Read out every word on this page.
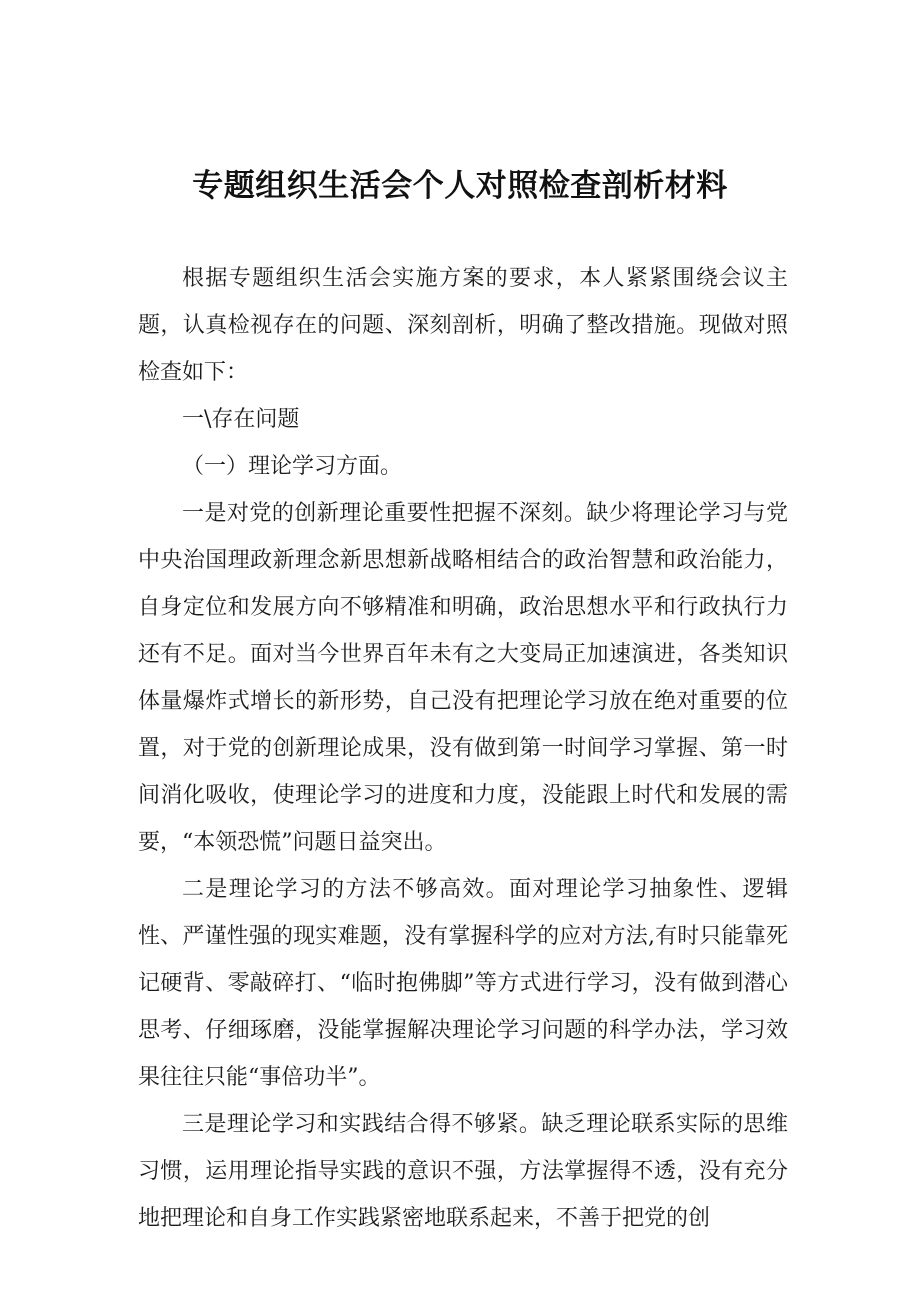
专题组织生活会个人对照检查剖析材料

根据专题组织生活会实施方案的要求，本人紧紧围绕会议主题，认真检视存在的问题、深刻剖析，明确了整改措施。现做对照检查如下：

一\存在问题

（一）理论学习方面。

一是对党的创新理论重要性把握不深刻。缺少将理论学习与党中央治国理政新理念新思想新战略相结合的政治智慧和政治能力，自身定位和发展方向不够精准和明确，政治思想水平和行政执行力还有不足。面对当今世界百年未有之大变局正加速演进，各类知识体量爆炸式增长的新形势，自己没有把理论学习放在绝对重要的位置，对于党的创新理论成果，没有做到第一时间学习掌握、第一时间消化吸收，使理论学习的进度和力度，没能跟上时代和发展的需要，“本领恐慌”问题日益突出。

二是理论学习的方法不够高效。面对理论学习抽象性、逻辑性、严谨性强的现实难题，没有掌握科学的应对方法,有时只能靠死记硬背、零敲碎打、“临时抱佛脚”等方式进行学习，没有做到潜心思考、仔细琢磨，没能掌握解决理论学习问题的科学办法，学习效果往往只能“事倍功半”。

三是理论学习和实践结合得不够紧。缺乏理论联系实际的思维习惯，运用理论指导实践的意识不强，方法掌握得不透，没有充分地把理论和自身工作实践紧密地联系起来，不善于把党的创
